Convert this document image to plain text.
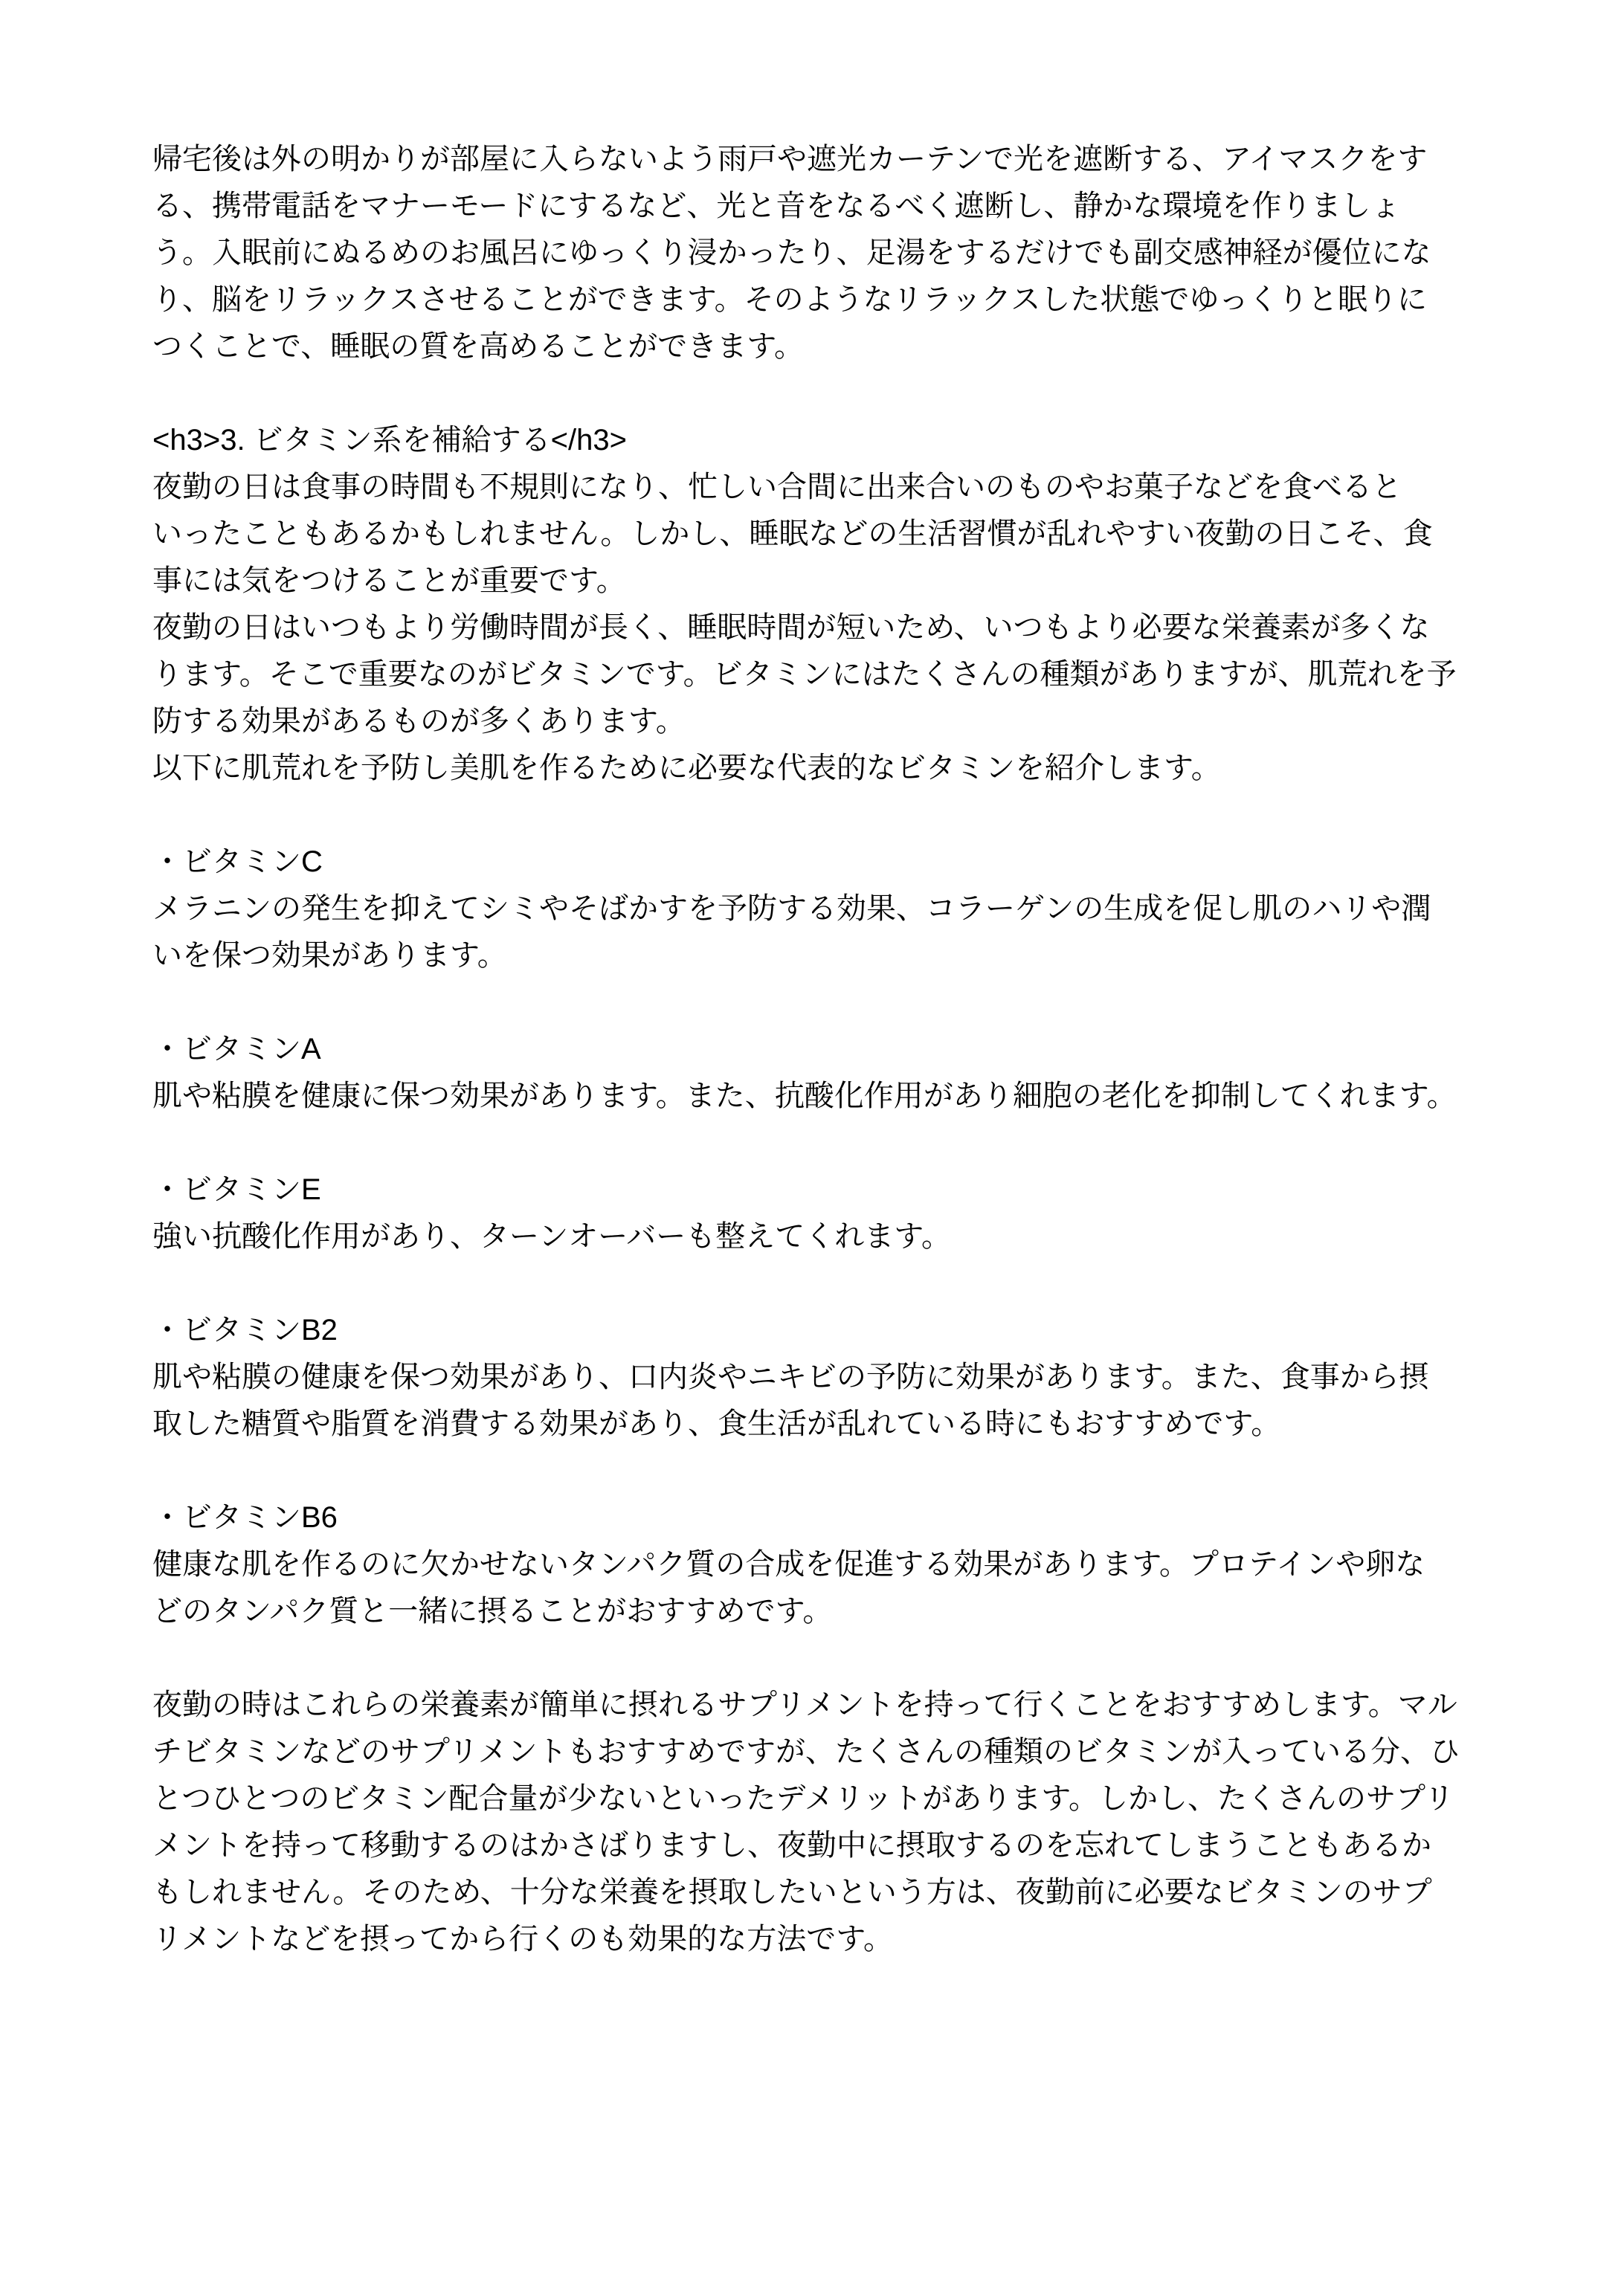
帰宅後は外の明かりが部屋に入らないよう雨戸や遮光カーテンで光を遮断する、アイマスクをす
る、携帯電話をマナーモードにするなど、光と音をなるべく遮断し、静かな環境を作りましょ
う。入眠前にぬるめのお風呂にゆっくり浸かったり、足湯をするだけでも副交感神経が優位にな
り、脳をリラックスさせることができます。そのようなリラックスした状態でゆっくりと眠りに
つくことで、睡眠の質を高めることができます。
<h3>3. ビタミン系を補給する</h3>
夜勤の日は食事の時間も不規則になり、忙しい合間に出来合いのものやお菓子などを食べると
いったこともあるかもしれません。しかし、睡眠などの生活習慣が乱れやすい夜勤の日こそ、食
事には気をつけることが重要です。
夜勤の日はいつもより労働時間が長く、睡眠時間が短いため、いつもより必要な栄養素が多くな
ります。そこで重要なのがビタミンです。ビタミンにはたくさんの種類がありますが、肌荒れを予
防する効果があるものが多くあります。
以下に肌荒れを予防し美肌を作るために必要な代表的なビタミンを紹介します。
・ビタミンC
メラニンの発生を抑えてシミやそばかすを予防する効果、コラーゲンの生成を促し肌のハリや潤
いを保つ効果があります。
・ビタミンA
肌や粘膜を健康に保つ効果があります。また、抗酸化作用があり細胞の老化を抑制してくれます。
・ビタミンE
強い抗酸化作用があり、ターンオーバーも整えてくれます。
・ビタミンB2
肌や粘膜の健康を保つ効果があり、口内炎やニキビの予防に効果があります。また、食事から摂
取した糖質や脂質を消費する効果があり、食生活が乱れている時にもおすすめです。
・ビタミンB6
健康な肌を作るのに欠かせないタンパク質の合成を促進する効果があります。プロテインや卵な
どのタンパク質と一緒に摂ることがおすすめです。
夜勤の時はこれらの栄養素が簡単に摂れるサプリメントを持って行くことをおすすめします。マル
チビタミンなどのサプリメントもおすすめですが、たくさんの種類のビタミンが入っている分、ひ
とつひとつのビタミン配合量が少ないといったデメリットがあります。しかし、たくさんのサプリ
メントを持って移動するのはかさばりますし、夜勤中に摂取するのを忘れてしまうこともあるか
もしれません。そのため、十分な栄養を摂取したいという方は、夜勤前に必要なビタミンのサプ
リメントなどを摂ってから行くのも効果的な方法です。
